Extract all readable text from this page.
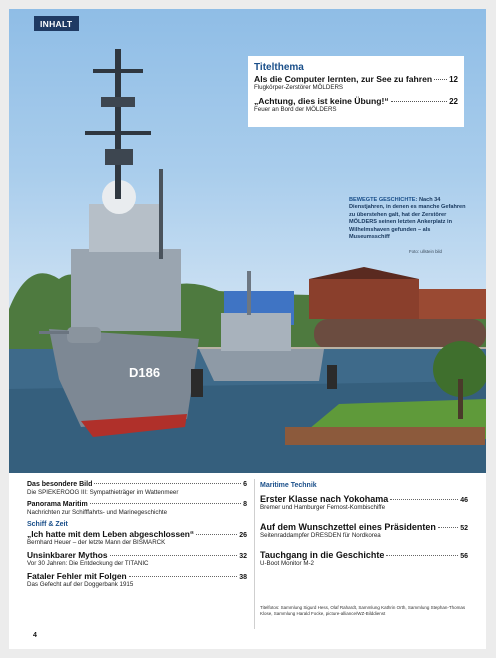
D186
INHALT
Titelthema
Als die Computer lernten, zur See zu fahren 12
Flugkörper-Zerstörer MÖLDERS
„Achtung, dies ist keine Übung!“	22
Feuer an Bord der MÖLDERS
BEWEGTE GESCHICHTE: Nach 34 Dienstjahren, in denen es manche Gefahren zu überstehen galt, hat der Zerstörer MÖLDERS seinen letzten Ankerplatz in Wilhelmshaven gefunden – als Museumsschiff
Foto: ullstein bild
Das besondere Bild	6
Die SPIEKEROOG III: Sympathieträger im Wattenmeer
Panorama Maritim	8
Nachrichten zur Schifffahrts- und Marinegeschichte
Schiff & Zeit
„Ich hatte mit dem Leben abgeschlossen“	26
Bernhard Heuer – der letzte Mann der BISMARCK
Unsinkbarer Mythos	32
Vor 30 Jahren: Die Entdeckung der TITANIC
Fataler Fehler mit Folgen	38
Das Gefecht auf der Doggerbank 1915
Maritime Technik
Erster Klasse nach Yokohama	46
Bremer und Hamburger Fernost-Kombischiffe
Auf dem Wunschzettel eines Präsidenten	52
Seitenraddampfer DRESDEN für Nordkorea
Tauchgang in die Geschichte	56
U-Boot Monitor M-2
Titelfotos: Sammlung Sigurd Hess, Olaf Rahardt, Sammlung Kathrin Orth, Sammlung Stephan-Thomas Klose, Sammlung Harald Focke, picture-alliance/WZ-Bilddienst
4
